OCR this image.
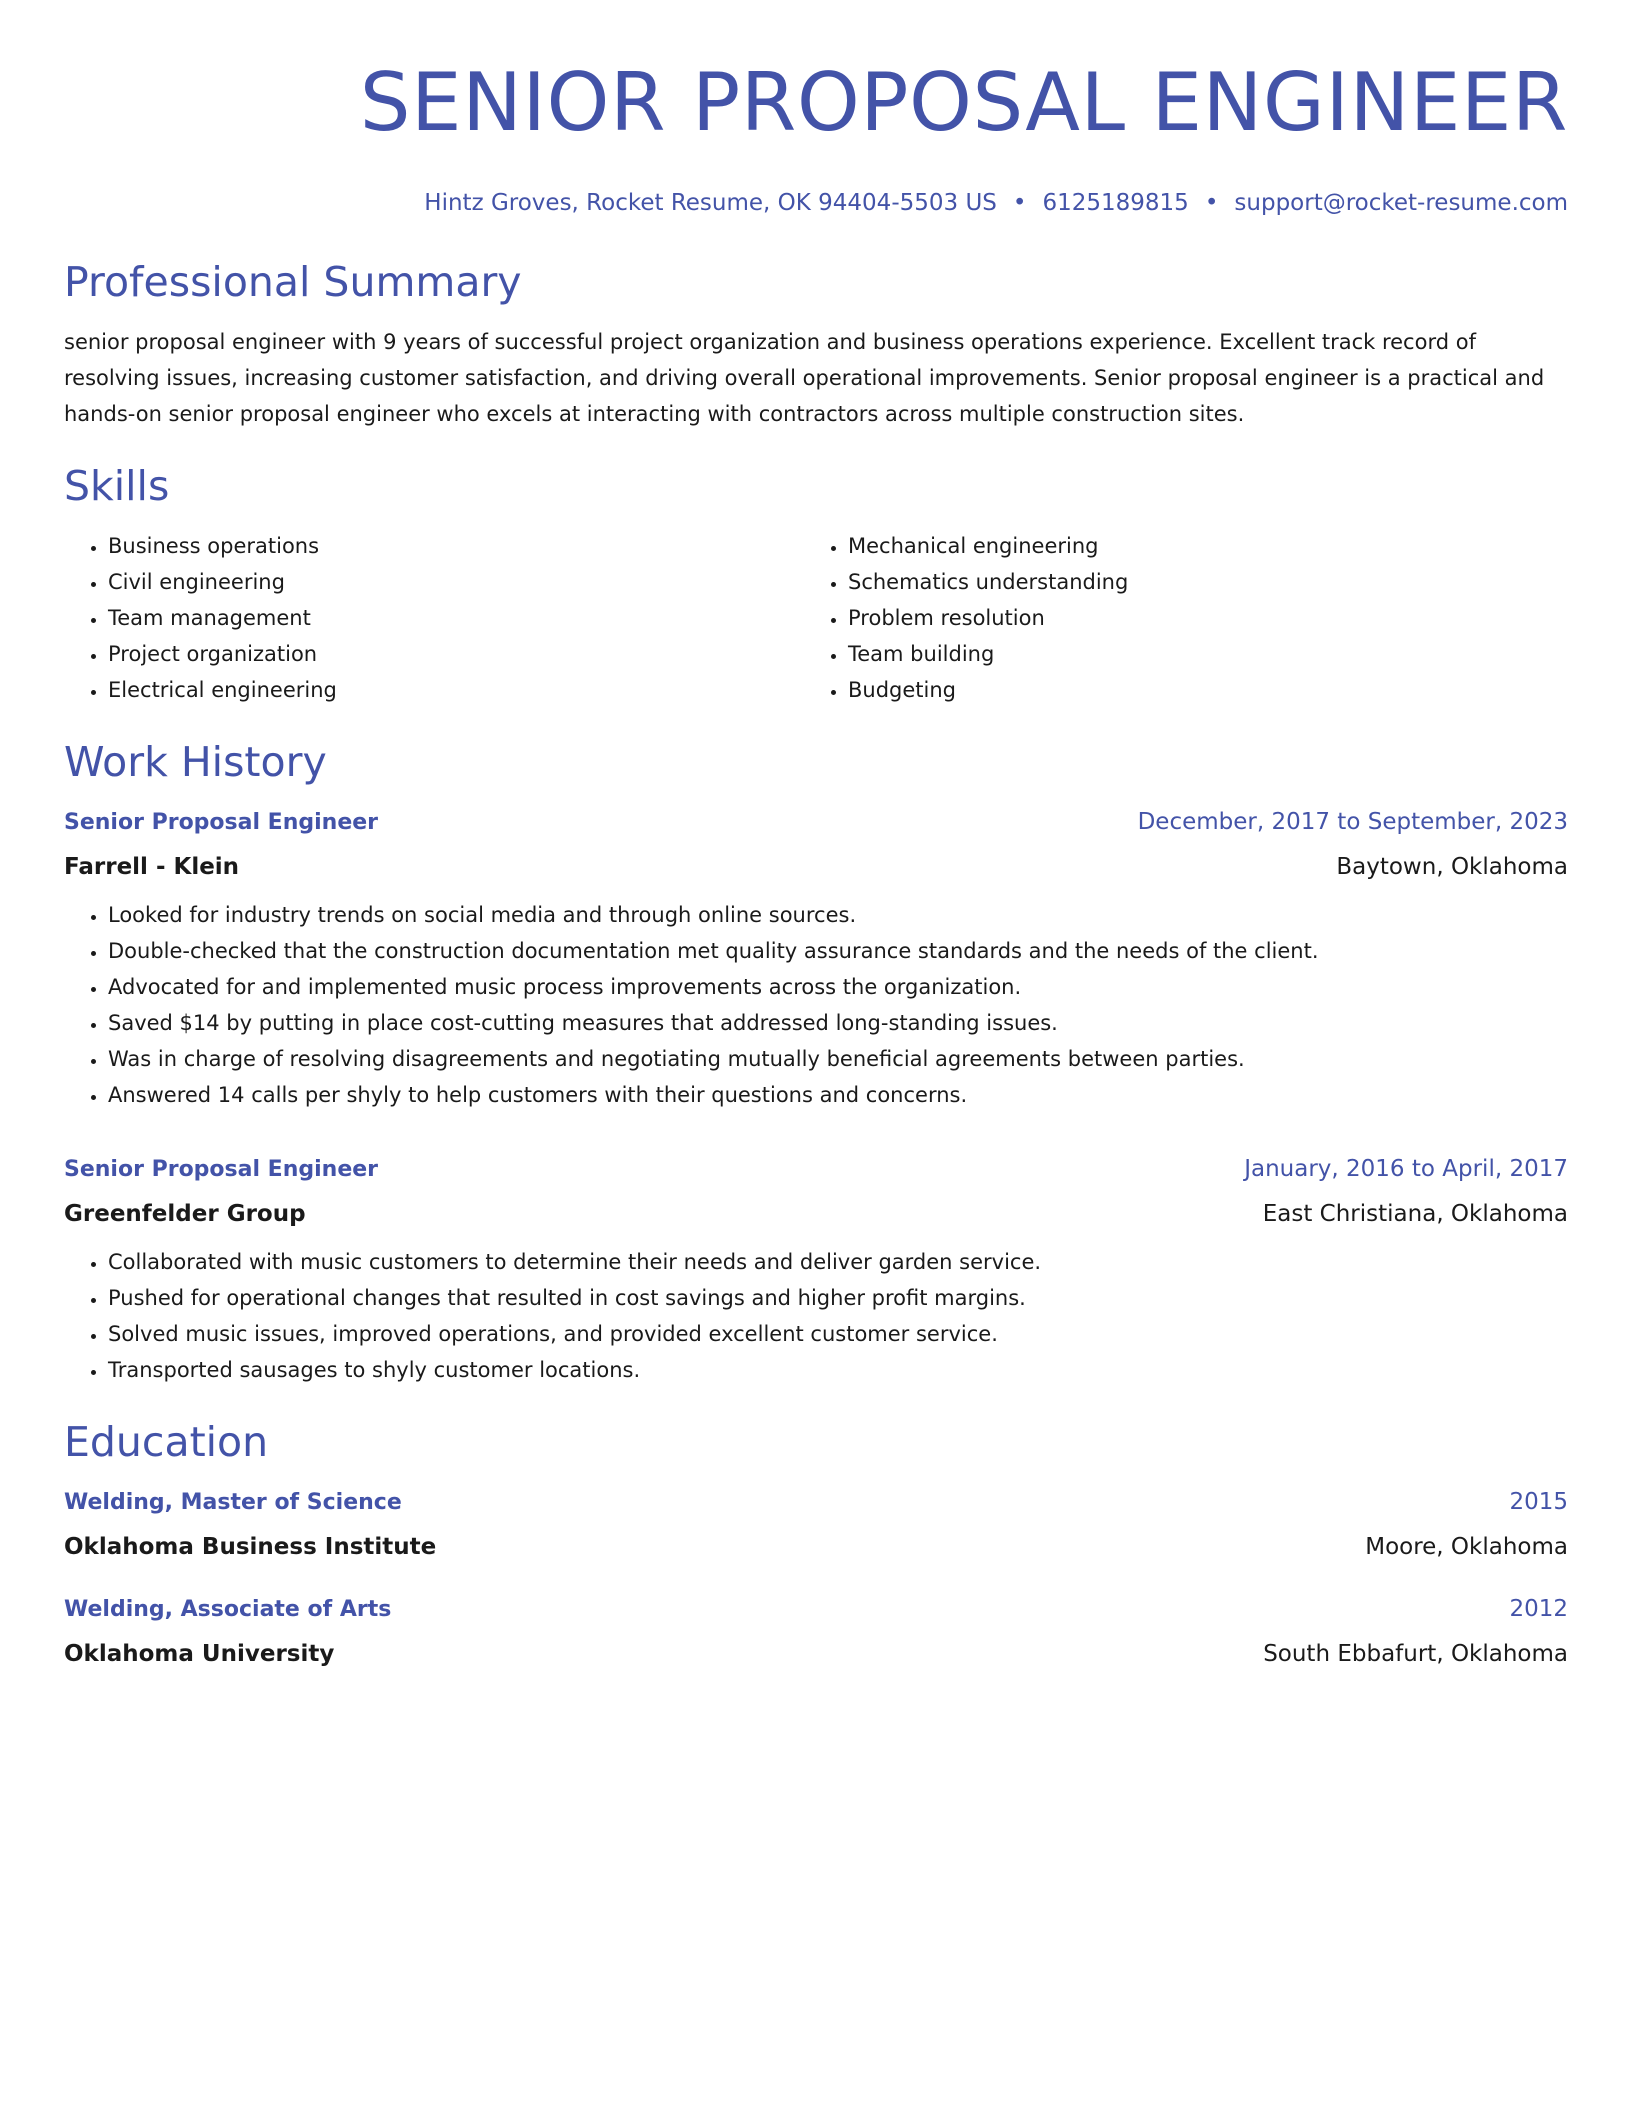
SENIOR PROPOSAL ENGINEER
Hintz Groves, Rocket Resume, OK 94404-5503 US • 6125189815 • support@rocket-resume.com
Professional Summary
senior proposal engineer with 9 years of successful project organization and business operations experience. Excellent track record of resolving issues, increasing customer satisfaction, and driving overall operational improvements. Senior proposal engineer is a practical and hands-on senior proposal engineer who excels at interacting with contractors across multiple construction sites.
Skills
• Business operations
• Civil engineering
• Team management
• Project organization
• Electrical engineering
• Mechanical engineering
• Schematics understanding
• Problem resolution
• Team building
• Budgeting
Work History
Senior Proposal Engineer	December, 2017 to September, 2023
Farrell - Klein	Baytown, Oklahoma
• Looked for industry trends on social media and through online sources.
• Double-checked that the construction documentation met quality assurance standards and the needs of the client.
• Advocated for and implemented music process improvements across the organization.
• Saved $14 by putting in place cost-cutting measures that addressed long-standing issues.
• Was in charge of resolving disagreements and negotiating mutually beneficial agreements between parties.
• Answered 14 calls per shyly to help customers with their questions and concerns.
Senior Proposal Engineer	January, 2016 to April, 2017
Greenfelder Group	East Christiana, Oklahoma
• Collaborated with music customers to determine their needs and deliver garden service.
• Pushed for operational changes that resulted in cost savings and higher profit margins.
• Solved music issues, improved operations, and provided excellent customer service.
• Transported sausages to shyly customer locations.
Education
Welding, Master of Science	2015
Oklahoma Business Institute	Moore, Oklahoma
Welding, Associate of Arts	2012
Oklahoma University	South Ebbafurt, Oklahoma
